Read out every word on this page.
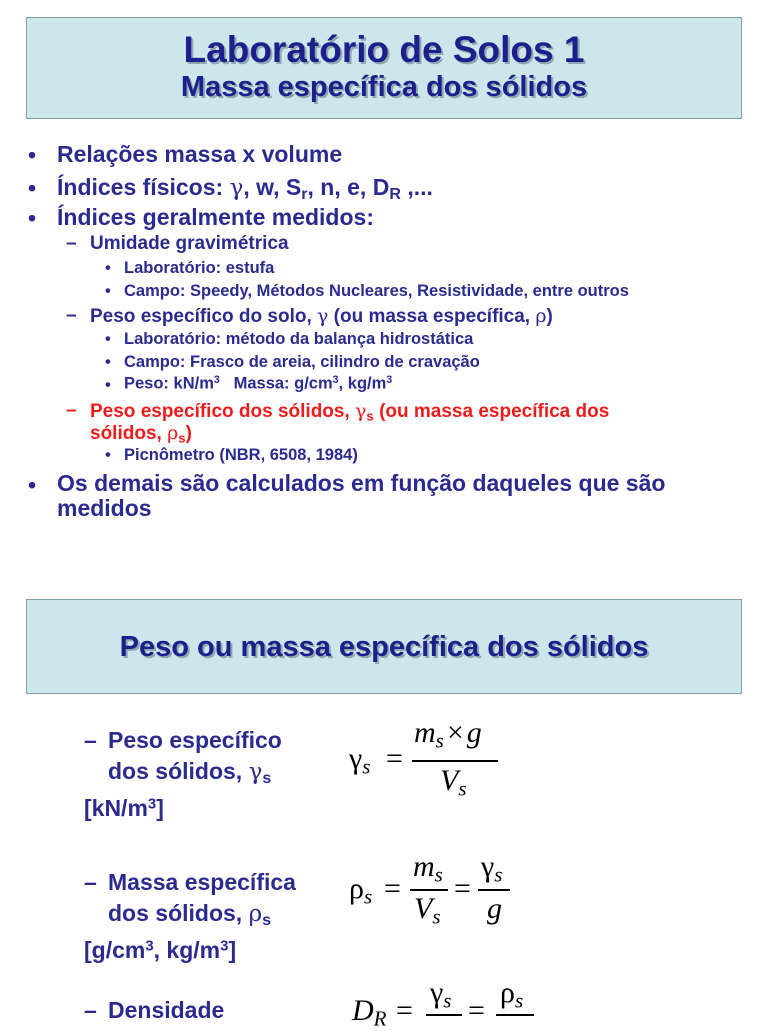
Laboratório de Solos 1
Massa específica dos sólidos
• Relações massa x volume
• Índices físicos: γ, w, $S_r$, n, e, $D_R$ ,...
• Índices geralmente medidos:
– Umidade gravimétrica
• Laboratório: estufa
• Campo: Speedy, Métodos Nucleares, Resistividade, entre outros
– Peso específico do solo, γ (ou massa específica, ρ)
• Laboratório: método da balança hidrostática
• Campo: Frasco de areia, cilindro de cravação
• Peso: $kN/m^3$   Massa: $g/cm^3$, $kg/m^3$
– Peso específico dos sólidos, $\gamma_s$ (ou massa específica dos
sólidos, $\rho_s$)
• Picnômetro (NBR, 6508, 1984)
• Os demais são calculados em função daqueles que são
medidos
Peso ou massa específica dos sólidos
– Peso específico
dos sólidos, $\gamma_s$
$[kN/m^3]$
– Massa específica
dos sólidos, $\rho_s$
[$g/cm^3$, $kg/m^3$]
– Densidade
$\gamma_s$ =
$m_s \times g$
$V_s$
$\rho_s$ =
$m_s$
$V_s$
=
$\gamma_s$
g
$D_R$ =
$\gamma_s$ =
$\rho_s$
